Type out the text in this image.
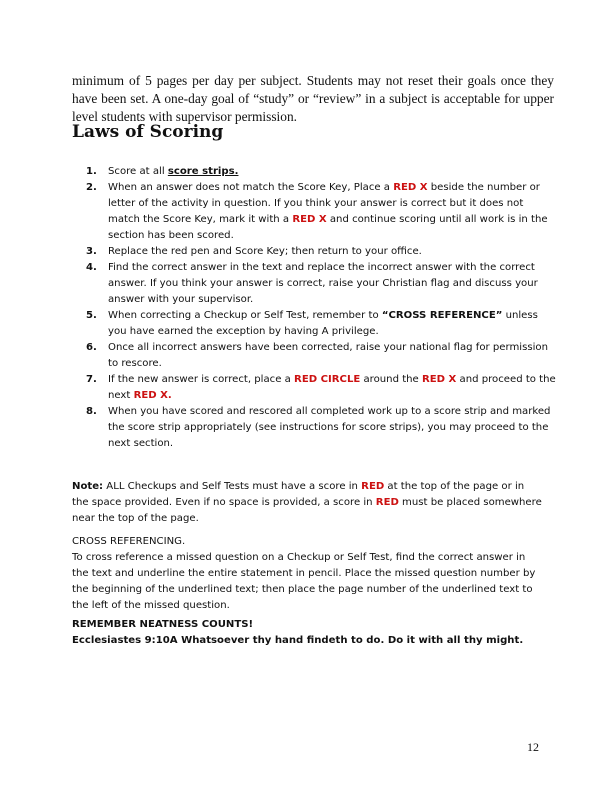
minimum of 5 pages per day per subject. Students may not reset their goals once they have been set. A one-day goal of “study” or “review” in a subject is acceptable for upper level students with supervisor permission.

Laws of Scoring
1.	Score at all score strips.
2.	When an answer does not match the Score Key, Place a RED X beside the number or letter of the activity in question. If you think your answer is correct but it does not match the Score Key, mark it with a RED X and continue scoring until all work is in the section has been scored.
3.	Replace the red pen and Score Key; then return to your office.
4.	Find the correct answer in the text and replace the incorrect answer with the correct answer. If you think your answer is correct, raise your Christian flag and discuss your answer with your supervisor.
5.	When correcting a Checkup or Self Test, remember to “CROSS REFERENCE” unless you have earned the exception by having A privilege.
6.	Once all incorrect answers have been corrected, raise your national flag for permission to rescore.
7.	If the new answer is correct, place a RED CIRCLE around the RED X and proceed to the next RED X.
8.	When you have scored and rescored all completed work up to a score strip and marked the score strip appropriately (see instructions for score strips), you may proceed to the next section.

Note: ALL Checkups and Self Tests must have a score in RED at the top of the page or in the space provided. Even if no space is provided, a score in RED must be placed somewhere near the top of the page.

CROSS REFERENCING.

To cross reference a missed question on a Checkup or Self Test, find the correct answer in the text and underline the entire statement in pencil. Place the missed question number by the beginning of the underlined text; then place the page number of the underlined text to the left of the missed question.

REMEMBER NEATNESS COUNTS!

Ecclesiastes 9:10A Whatsoever thy hand findeth to do. Do it with all thy might.

12
